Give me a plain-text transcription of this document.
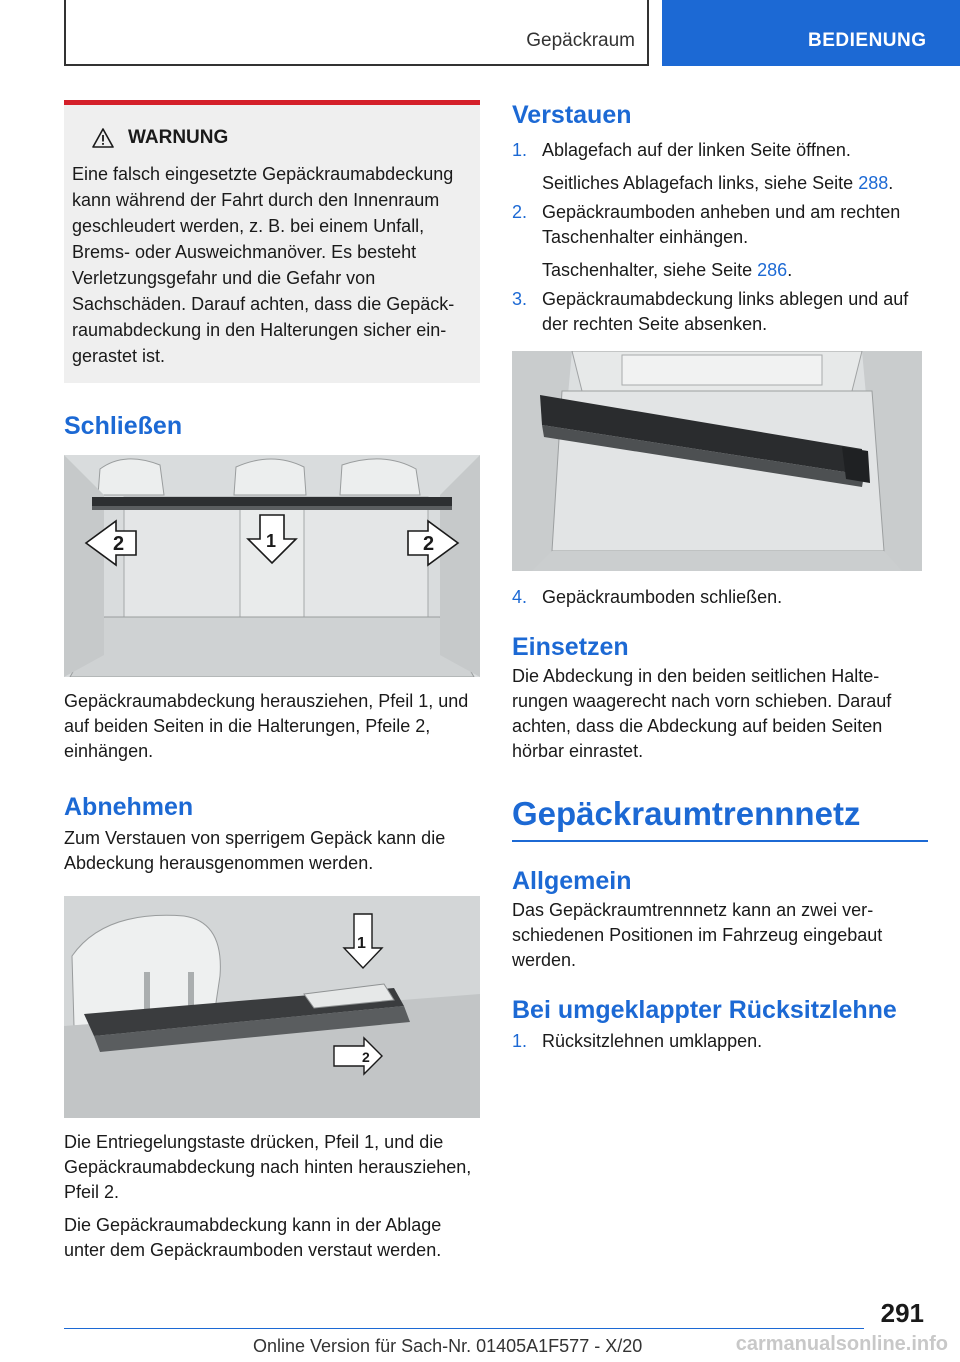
Gepäckraum	BEDIENUNG
WARNUNG
Eine falsch eingesetzte Gepäckraumabdeckung kann während der Fahrt durch den Innenraum geschleudert werden, z. B. bei einem Unfall, Brems- oder Ausweichmanöver. Es besteht Verletzungsgefahr und die Gefahr von Sachschäden. Darauf achten, dass die Gepäckraumabdeckung in den Halterungen sicher eingerastet ist.
Schließen
2	2
1

Gepäckraumabdeckung herausziehen, Pfeil 1, und auf beiden Seiten in die Halterungen, Pfeile 2, einhängen.

Abnehmen

Zum Verstauen von sperrigem Gepäck kann die Abdeckung herausgenommen werden.

1
2

Die Entriegelungstaste drücken, Pfeil 1, und die Gepäckraumabdeckung nach hinten herausziehen, Pfeil 2.

Die Gepäckraumabdeckung kann in der Ablage unter dem Gepäckraumboden verstaut werden.

Verstauen
1. Ablagefach auf der linken Seite öffnen.
Seitliches Ablagefach links, siehe Seite 288.
2. Gepäckraumboden anheben und am rechten Taschenhalter einhängen.
Taschenhalter, siehe Seite 286.
3. Gepäckraumabdeckung links ablegen und auf der rechten Seite absenken.
4. Gepäckraumboden schließen.
Einsetzen

Die Abdeckung in den beiden seitlichen Halterungen waagerecht nach vorn schieben. Darauf achten, dass die Abdeckung auf beiden Seiten hörbar einrastet.

Gepäckraumtrennnetz
Allgemein

Das Gepäckraumtrennnetz kann an zwei verschiedenen Positionen im Fahrzeug eingebaut werden.

Bei umgeklappter Rücksitzlehne
1. Rücksitzlehnen umklappen.
291
Online Version für Sach-Nr. 01405A1F577 - X/20	carmanualsonline.info
